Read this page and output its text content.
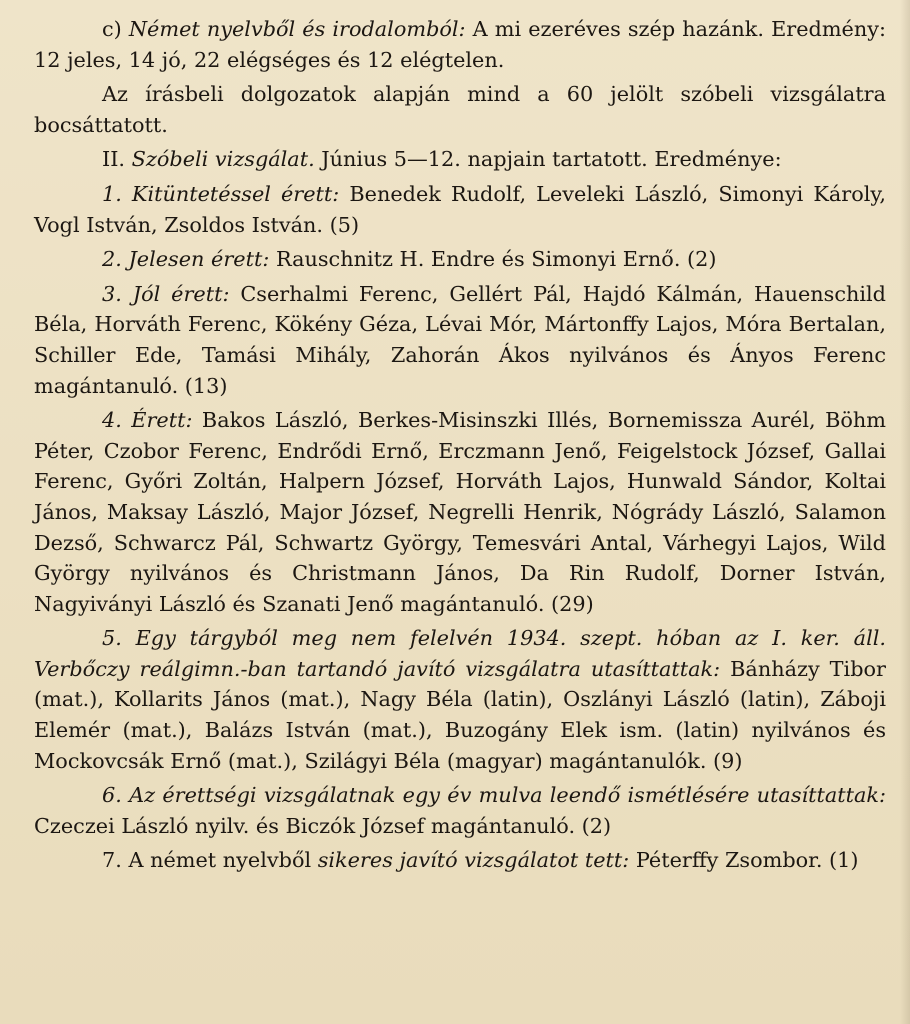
c) Német nyelvből és irodalomból: A mi ezeréves szép hazánk. Eredmény: 12 jeles, 14 jó, 22 elégséges és 12 elégtelen.

Az írásbeli dolgozatok alapján mind a 60 jelölt szóbeli vizsgálatra bocsáttatott.

II. Szóbeli vizsgálat. Június 5—12. napjain tartatott. Eredménye:

1. Kitüntetéssel érett: Benedek Rudolf, Leveleki László, Simonyi Károly, Vogl István, Zsoldos István. (5)

2. Jelesen érett: Rauschnitz H. Endre és Simonyi Ernő. (2)

3. Jól érett: Cserhalmi Ferenc, Gellért Pál, Hajdó Kálmán, Hauenschild Béla, Horváth Ferenc, Kökény Géza, Lévai Mór, Mártonffy Lajos, Móra Bertalan, Schiller Ede, Tamási Mihály, Zahorán Ákos nyilvános és Ányos Ferenc magántanuló. (13)

4. Érett: Bakos László, Berkes-Misinszki Illés, Bornemissza Aurél, Böhm Péter, Czobor Ferenc, Endrődi Ernő, Erczmann Jenő, Feigelstock József, Gallai Ferenc, Győri Zoltán, Halpern József, Horváth Lajos, Hunwald Sándor, Koltai János, Maksay László, Major József, Negrelli Henrik, Nógrády László, Salamon Dezső, Schwarcz Pál, Schwartz György, Temesvári Antal, Várhegyi Lajos, Wild György nyilvános és Christmann János, Da Rin Rudolf, Dorner István, Nagyiványi László és Szanati Jenő magántanuló. (29)

5. Egy tárgyból meg nem felelvén 1934. szept. hóban az I. ker. áll. Verbőczy reálgimn.-ban tartandó javító vizsgálatra utasíttattak: Bánházy Tibor (mat.), Kollarits János (mat.), Nagy Béla (latin), Oszlányi László (latin), Záboji Elemér (mat.), Balázs István (mat.), Buzogány Elek ism. (latin) nyilvános és Mockovcsák Ernő (mat.), Szilágyi Béla (magyar) magántanulók. (9)

6. Az érettségi vizsgálatnak egy év mulva leendő ismétlésére utasíttattak: Czeczei László nyilv. és Biczók József magántanuló. (2)

7. A német nyelvből sikeres javító vizsgálatot tett: Péterffy Zsombor. (1)
